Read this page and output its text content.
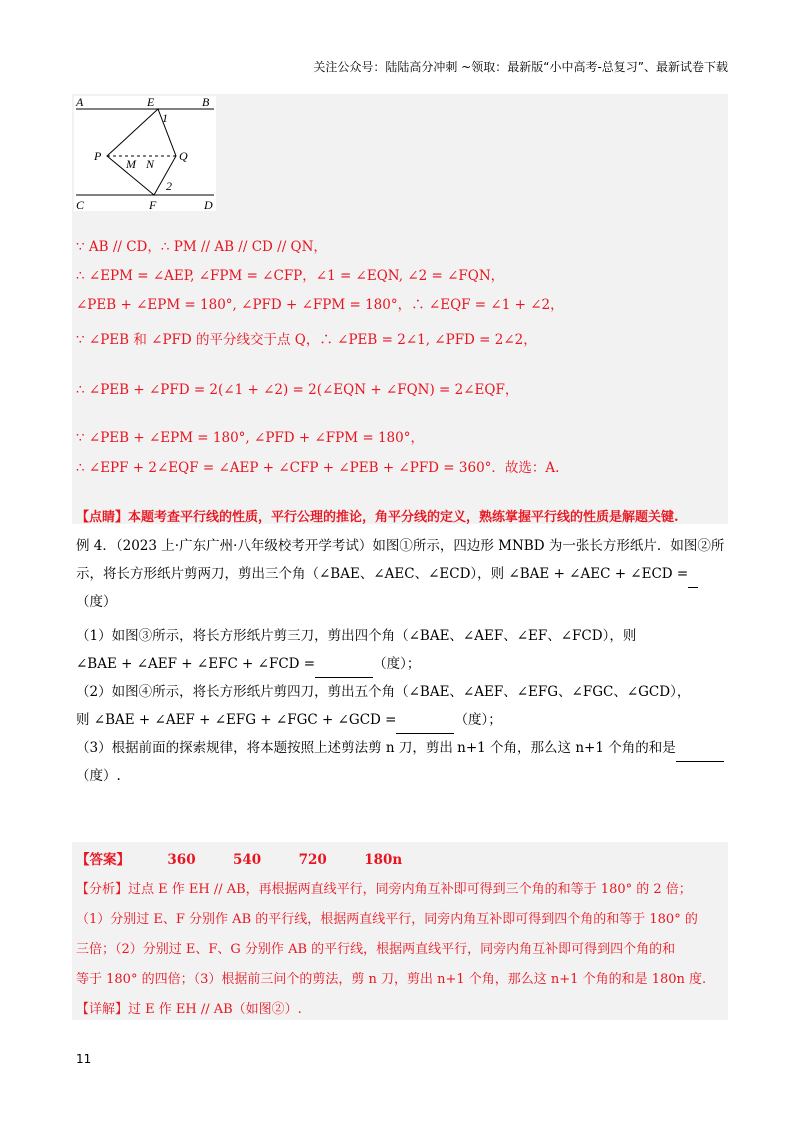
关注公众号：陆陆高分冲刺 ~领取：最新版“小中高考-总复习”、最新试卷下载
A	E	B
1
P
M N
Q
2
C	F	D
∵ AB // CD，∴ PM // AB // CD // QN，
∴ ∠EPM = ∠AEP, ∠FPM = ∠CFP，∠1 = ∠EQN, ∠2 = ∠FQN，
∠PEB + ∠EPM = 180°, ∠PFD + ∠FPM = 180°，∴ ∠EQF = ∠1 + ∠2，
∵ ∠PEB 和 ∠PFD 的平分线交于点 Q，∴ ∠PEB = 2∠1, ∠PFD = 2∠2，
∴ ∠PEB + ∠PFD = 2(∠1 + ∠2) = 2(∠EQN + ∠FQN) = 2∠EQF，
∵ ∠PEB + ∠EPM = 180°, ∠PFD + ∠FPM = 180°，
∴ ∠EPF + 2∠EQF = ∠AEP + ∠CFP + ∠PEB + ∠PFD = 360°．故选：A.
【点睛】本题考查平行线的性质，平行公理的推论，角平分线的定义，熟练掌握平行线的性质是解题关键.
例 4．（2023 上·广东广州·八年级校考开学考试）如图①所示，四边形 MNBD 为一张长方形纸片．如图②所示，将长方形纸片剪两刀，剪出三个角（∠BAE、∠AEC、∠ECD），则 ∠BAE + ∠AEC + ∠ECD =
（度）
（1）如图③所示，将长方形纸片剪三刀，剪出四个角（∠BAE、∠AEF、∠EF、∠FCD），则
∠BAE + ∠AEF + ∠EFC + ∠FCD =	（度）；
（2）如图④所示，将长方形纸片剪四刀，剪出五个角（∠BAE、∠AEF、∠EFG、∠FGC、∠GCD），
则 ∠BAE + ∠AEF + ∠EFG + ∠FGC + ∠GCD =	（度）；
（3）根据前面的探索规律，将本题按照上述剪法剪 n 刀，剪出 n+1 个角，那么这 n+1 个角的和是
（度）.
【答案】	360	540	720	180n
【分析】过点 E 作 EH // AB，再根据两直线平行，同旁内角互补即可得到三个角的和等于 180° 的 2 倍；
（1）分别过 E、F 分别作 AB 的平行线，根据两直线平行，同旁内角互补即可得到四个角的和等于 180° 的
三倍；（2）分别过 E、F、G 分别作 AB 的平行线，根据两直线平行，同旁内角互补即可得到四个角的和
等于 180° 的四倍；（3）根据前三问个的剪法，剪 n 刀，剪出 n+1 个角，那么这 n+1 个角的和是 180n 度.
【详解】过 E 作 EH // AB（如图②）.
11
